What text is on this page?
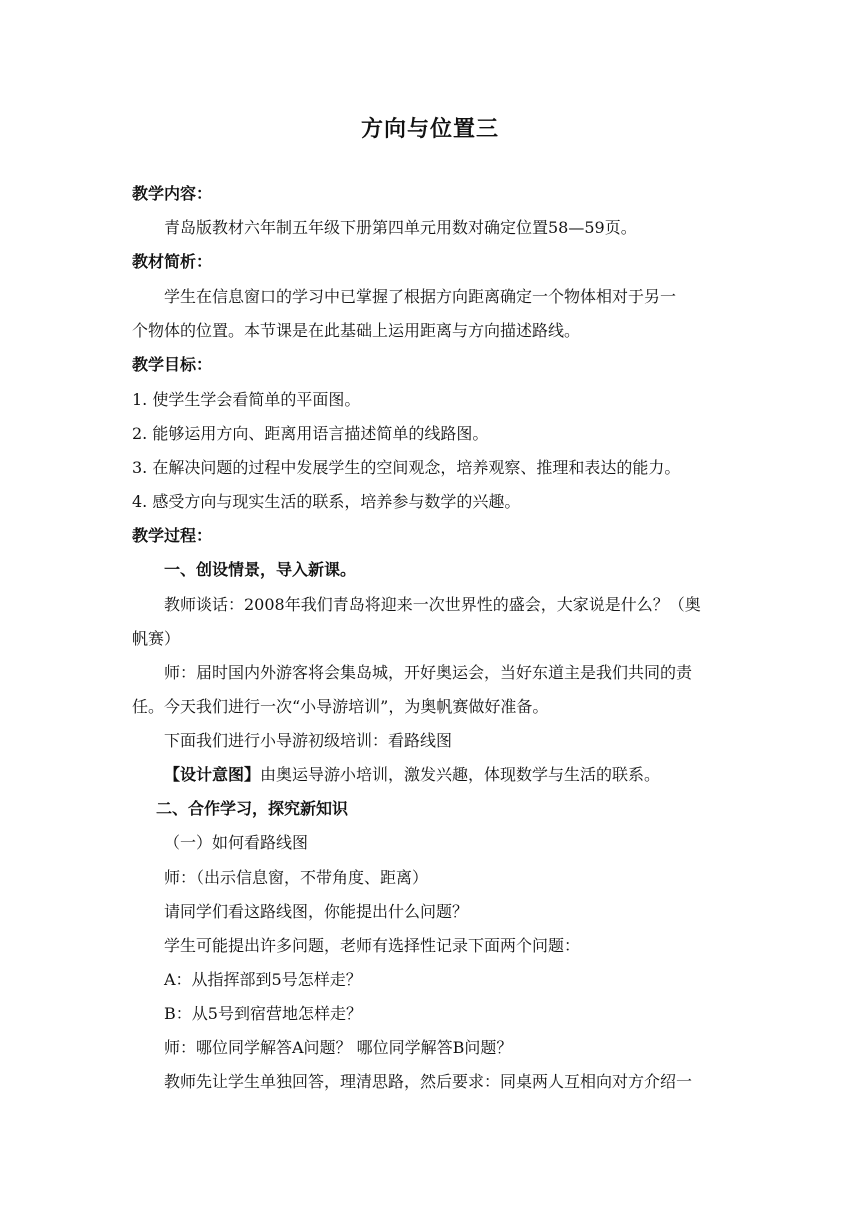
方向与位置三
教学内容：
青岛版教材六年制五年级下册第四单元用数对确定位置58—59页。
教材简析：
学生在信息窗口的学习中已掌握了根据方向距离确定一个物体相对于另一
个物体的位置。本节课是在此基础上运用距离与方向描述路线。
教学目标：
1. 使学生学会看简单的平面图。
2. 能够运用方向、距离用语言描述简单的线路图。
3. 在解决问题的过程中发展学生的空间观念，培养观察、推理和表达的能力。
4. 感受方向与现实生活的联系，培养参与数学的兴趣。
教学过程：
一、创设情景，导入新课。
教师谈话：2008年我们青岛将迎来一次世界性的盛会，大家说是什么？（奥
帆赛）
师：届时国内外游客将会集岛城，开好奥运会，当好东道主是我们共同的责
任。今天我们进行一次“小导游培训”，为奥帆赛做好准备。
下面我们进行小导游初级培训：看路线图
【设计意图】由奥运导游小培训，激发兴趣，体现数学与生活的联系。
二、合作学习，探究新知识
（一）如何看路线图
师：（出示信息窗，不带角度、距离）
请同学们看这路线图，你能提出什么问题？
学生可能提出许多问题，老师有选择性记录下面两个问题：
A：从指挥部到5号怎样走？
B：从5号到宿营地怎样走？
师：哪位同学解答A问题？ 哪位同学解答B问题？
教师先让学生单独回答，理清思路，然后要求：同桌两人互相向对方介绍一
